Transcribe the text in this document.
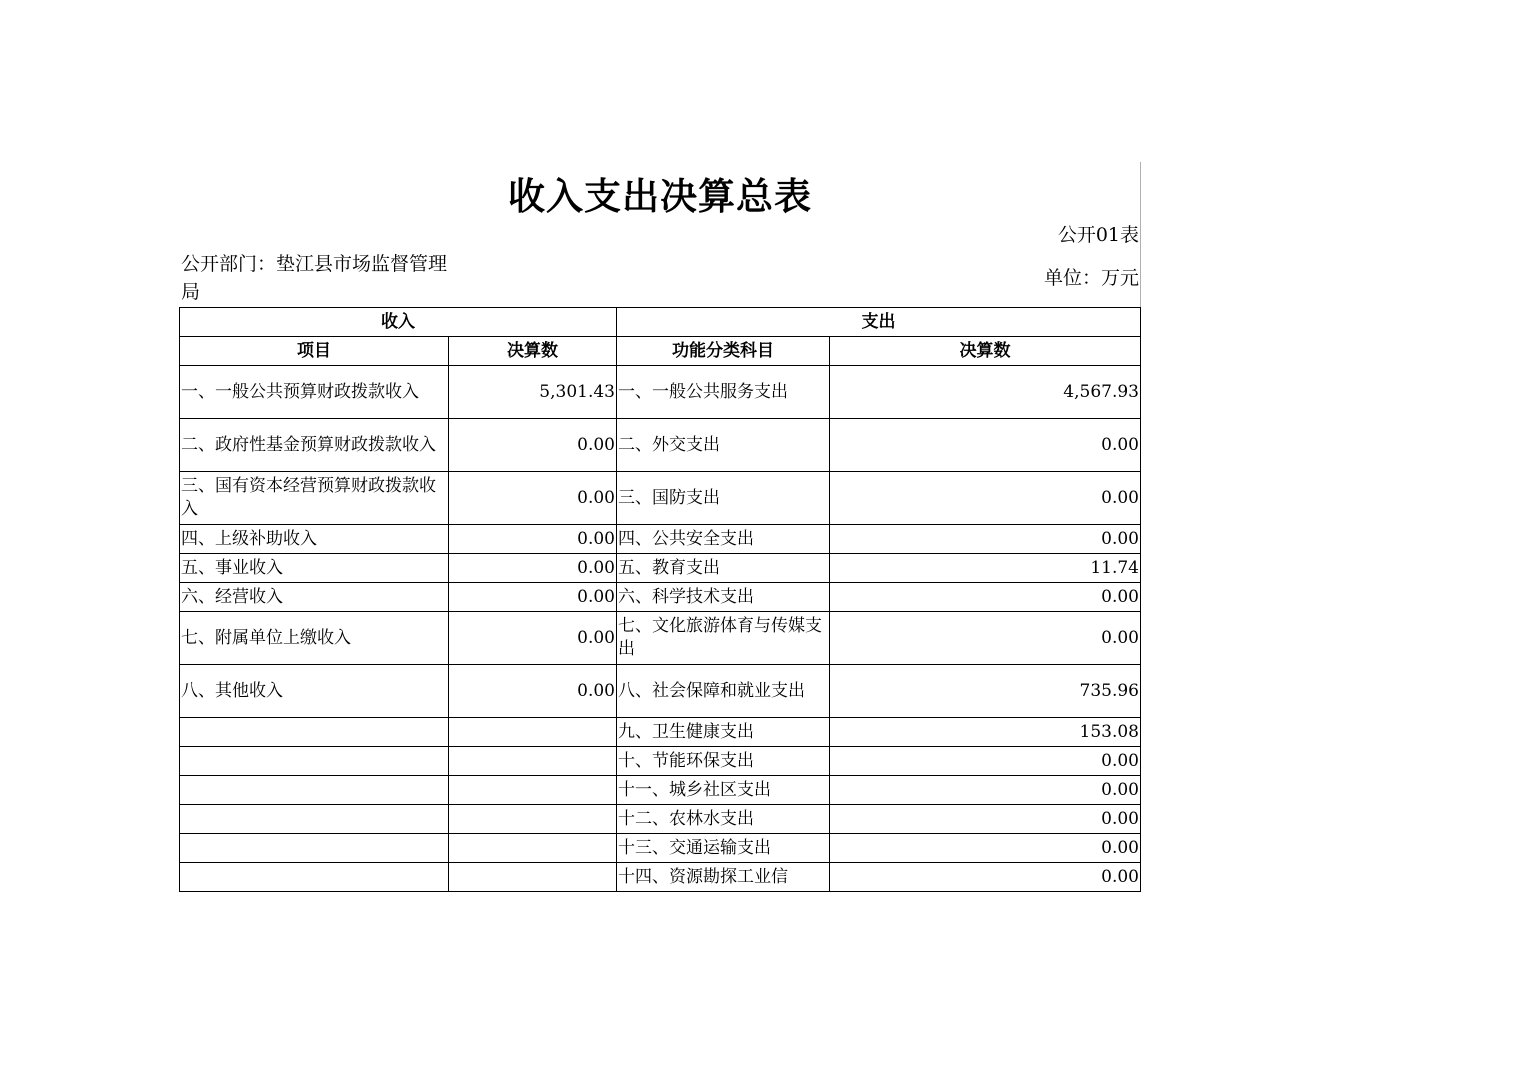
收入支出决算总表
公开01表
公开部门：垫江县市场监督管理局
单位：万元
收入		支出	
项目	决算数	功能分类科目	决算数
一、一般公共预算财政拨款收入	5,301.43	一、一般公共服务支出	4,567.93
二、政府性基金预算财政拨款收入	0.00	二、外交支出	0.00
三、国有资本经营预算财政拨款收入	0.00	三、国防支出	0.00
四、上级补助收入	0.00	四、公共安全支出	0.00
五、事业收入	0.00	五、教育支出	11.74
六、经营收入	0.00	六、科学技术支出	0.00
七、附属单位上缴收入	0.00	七、文化旅游体育与传媒支出	0.00
八、其他收入	0.00	八、社会保障和就业支出	735.96
		九、卫生健康支出	153.08
		十、节能环保支出	0.00
		十一、城乡社区支出	0.00
		十二、农林水支出	0.00
		十三、交通运输支出	0.00
		十四、资源勘探工业信	0.00
